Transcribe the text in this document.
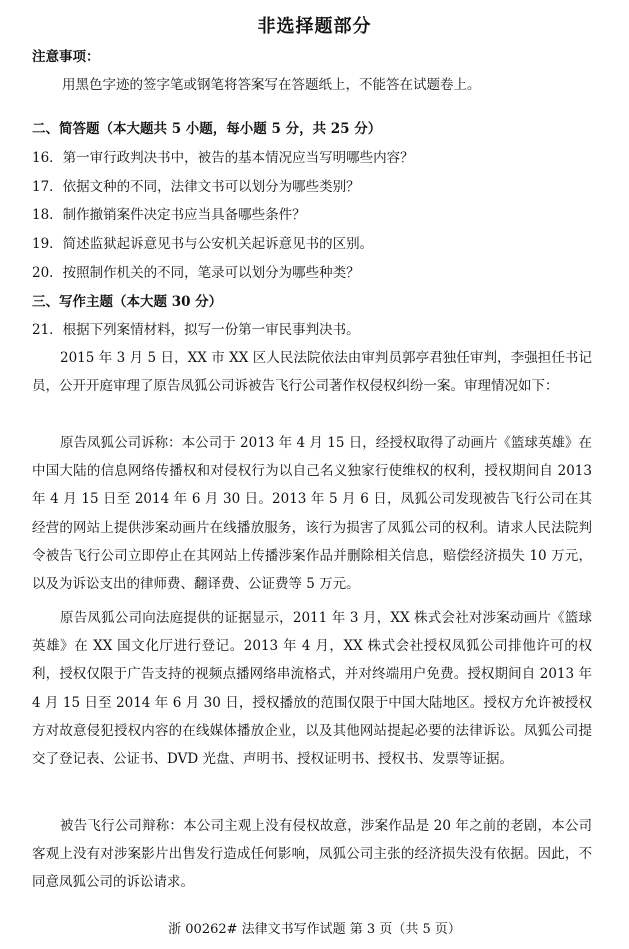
非选择题部分
注意事项：
用黑色字迹的签字笔或钢笔将答案写在答题纸上，不能答在试题卷上。
二、简答题（本大题共 5 小题，每小题 5 分，共 25 分）
16．第一审行政判决书中，被告的基本情况应当写明哪些内容？
17．依据文种的不同，法律文书可以划分为哪些类别？
18．制作撤销案件决定书应当具备哪些条件？
19．简述监狱起诉意见书与公安机关起诉意见书的区别。
20．按照制作机关的不同，笔录可以划分为哪些种类？
三、写作主题（本大题 30 分）
21．根据下列案情材料，拟写一份第一审民事判决书。
2015 年 3 月 5 日，XX 市 XX 区人民法院依法由审判员郭亭君独任审判，李强担任书记员，公开开庭审理了原告凤狐公司诉被告飞行公司著作权侵权纠纷一案。审理情况如下：
原告凤狐公司诉称：本公司于 2013 年 4 月 15 日，经授权取得了动画片《篮球英雄》在中国大陆的信息网络传播权和对侵权行为以自己名义独家行使维权的权利，授权期间自 2013 年 4 月 15 日至 2014 年 6 月 30 日。2013 年 5 月 6 日，凤狐公司发现被告飞行公司在其经营的网站上提供涉案动画片在线播放服务，该行为损害了凤狐公司的权利。请求人民法院判令被告飞行公司立即停止在其网站上传播涉案作品并删除相关信息，赔偿经济损失 10 万元，以及为诉讼支出的律师费、翻译费、公证费等 5 万元。
原告凤狐公司向法庭提供的证据显示，2011 年 3 月，XX 株式会社对涉案动画片《篮球英雄》在 XX 国文化厅进行登记。2013 年 4 月，XX 株式会社授权凤狐公司排他许可的权利，授权仅限于广告支持的视频点播网络串流格式，并对终端用户免费。授权期间自 2013 年 4 月 15 日至 2014 年 6 月 30 日，授权播放的范围仅限于中国大陆地区。授权方允许被授权方对故意侵犯授权内容的在线媒体播放企业，以及其他网站提起必要的法律诉讼。凤狐公司提交了登记表、公证书、DVD 光盘、声明书、授权证明书、授权书、发票等证据。
被告飞行公司辩称：本公司主观上没有侵权故意，涉案作品是 20 年之前的老剧，本公司客观上没有对涉案影片出售发行造成任何影响，凤狐公司主张的经济损失没有依据。因此，不同意凤狐公司的诉讼请求。
浙 00262# 法律文书写作试题 第 3 页（共 5 页）
